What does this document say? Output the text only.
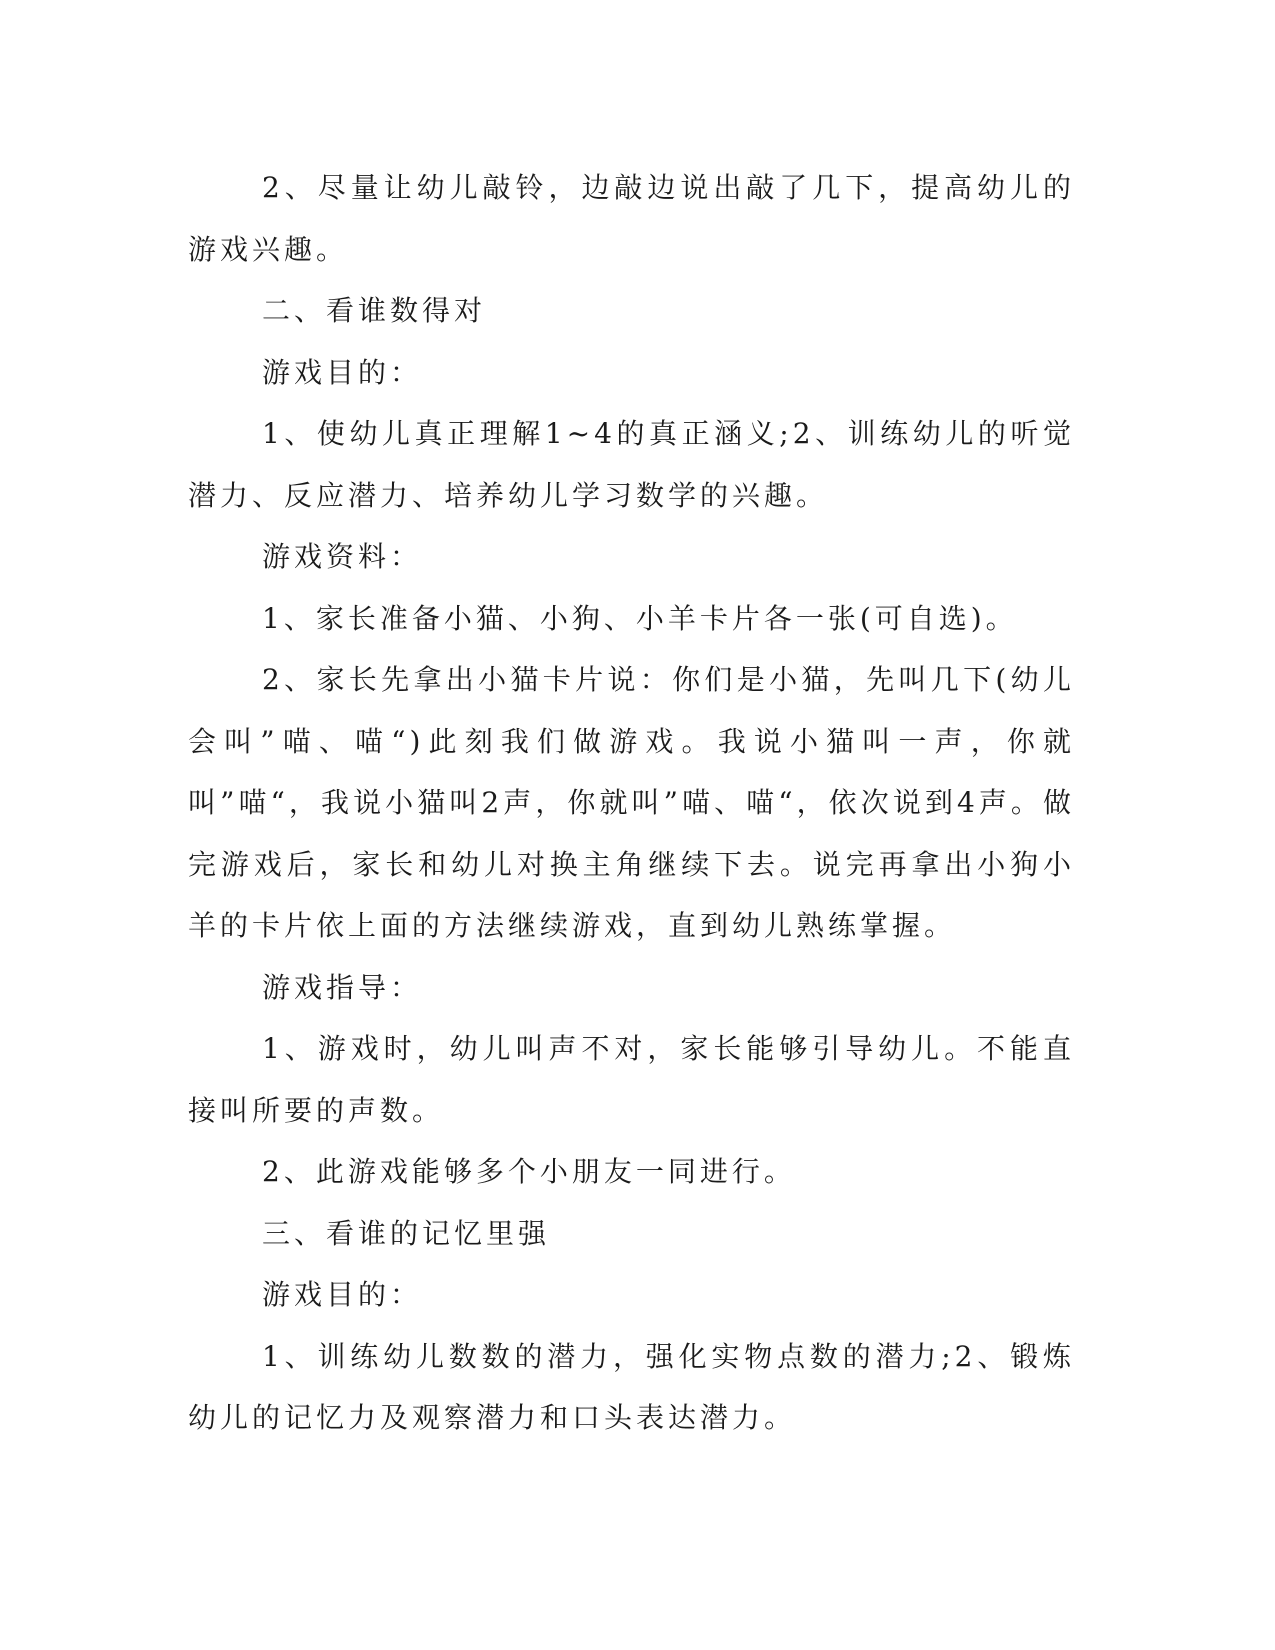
2、尽量让幼儿敲铃，边敲边说出敲了几下，提高幼儿的游戏兴趣。

二、看谁数得对

游戏目的：

1、使幼儿真正理解1~4的真正涵义;2、训练幼儿的听觉潜力、反应潜力、培养幼儿学习数学的兴趣。

游戏资料：

1、家长准备小猫、小狗、小羊卡片各一张(可自选)。

2、家长先拿出小猫卡片说：你们是小猫，先叫几下(幼儿会叫”喵、喵“)此刻我们做游戏。我说小猫叫一声，你就叫”喵“，我说小猫叫2声，你就叫”喵、喵“，依次说到4声。做完游戏后，家长和幼儿对换主角继续下去。说完再拿出小狗小羊的卡片依上面的方法继续游戏，直到幼儿熟练掌握。

游戏指导：

1、游戏时，幼儿叫声不对，家长能够引导幼儿。不能直接叫所要的声数。

2、此游戏能够多个小朋友一同进行。

三、看谁的记忆里强

游戏目的：

1、训练幼儿数数的潜力，强化实物点数的潜力;2、锻炼幼儿的记忆力及观察潜力和口头表达潜力。
